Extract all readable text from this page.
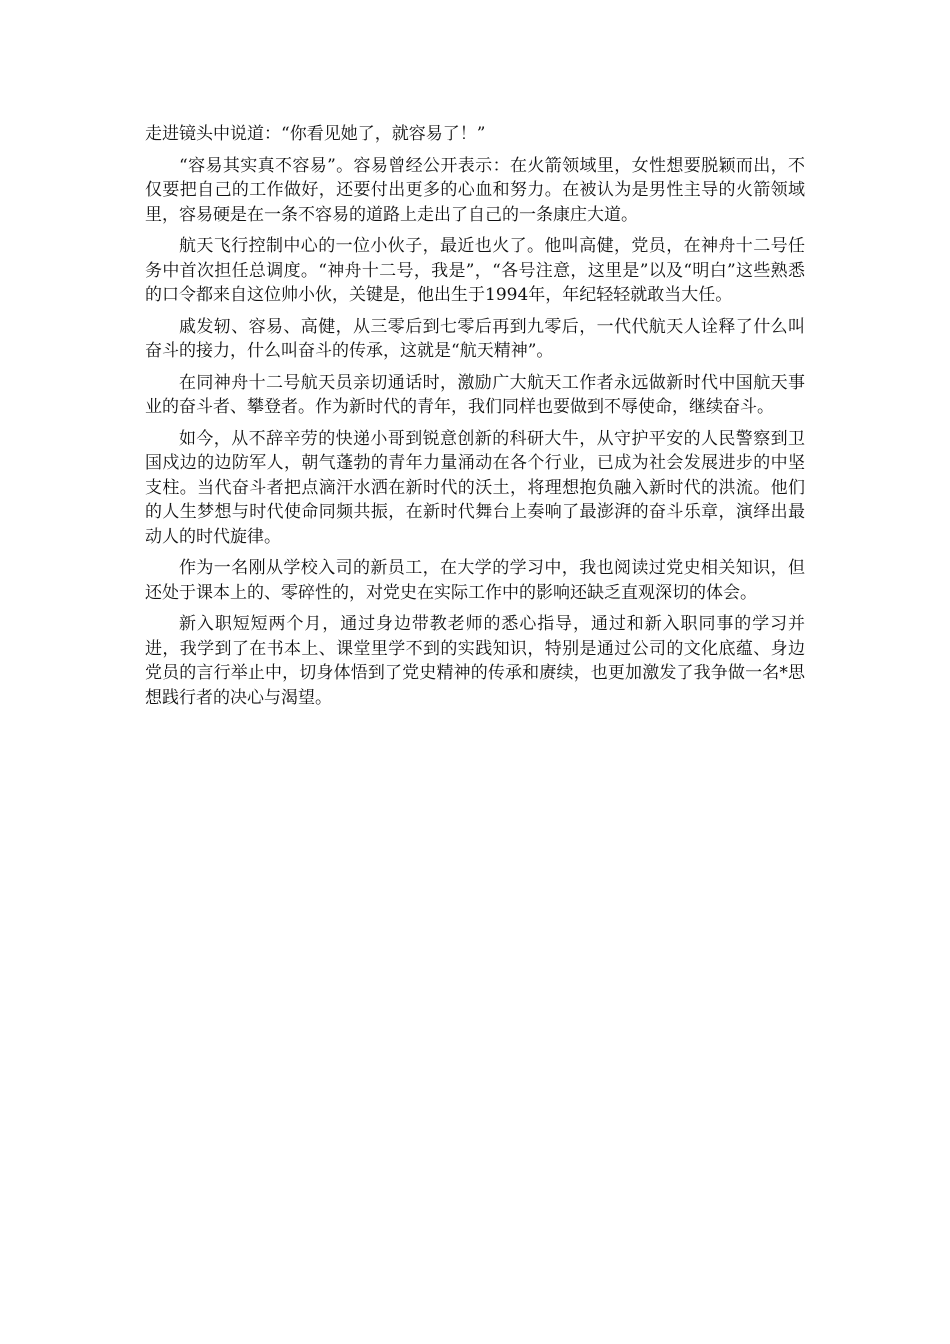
走进镜头中说道：“你看见她了，就容易了！”

“容易其实真不容易”。容易曾经公开表示：在火箭领域里，女性想要脱颖而出，不仅要把自己的工作做好，还要付出更多的心血和努力。在被认为是男性主导的火箭领域里，容易硬是在一条不容易的道路上走出了自己的一条康庄大道。

航天飞行控制中心的一位小伙子，最近也火了。他叫高健，党员，在神舟十二号任务中首次担任总调度。“神舟十二号，我是”，“各号注意，这里是”以及“明白”这些熟悉的口令都来自这位帅小伙，关键是，他出生于1994年，年纪轻轻就敢当大任。

戚发轫、容易、高健，从三零后到七零后再到九零后，一代代航天人诠释了什么叫奋斗的接力，什么叫奋斗的传承，这就是“航天精神”。

在同神舟十二号航天员亲切通话时，激励广大航天工作者永远做新时代中国航天事业的奋斗者、攀登者。作为新时代的青年，我们同样也要做到不辱使命，继续奋斗。

如今，从不辞辛劳的快递小哥到锐意创新的科研大牛，从守护平安的人民警察到卫国戍边的边防军人，朝气蓬勃的青年力量涌动在各个行业，已成为社会发展进步的中坚支柱。当代奋斗者把点滴汗水洒在新时代的沃土，将理想抱负融入新时代的洪流。他们的人生梦想与时代使命同频共振，在新时代舞台上奏响了最澎湃的奋斗乐章，演绎出最动人的时代旋律。

作为一名刚从学校入司的新员工，在大学的学习中，我也阅读过党史相关知识，但还处于课本上的、零碎性的，对党史在实际工作中的影响还缺乏直观深切的体会。

新入职短短两个月，通过身边带教老师的悉心指导，通过和新入职同事的学习并进，我学到了在书本上、课堂里学不到的实践知识，特别是通过公司的文化底蕴、身边党员的言行举止中，切身体悟到了党史精神的传承和赓续，也更加激发了我争做一名*思想践行者的决心与渴望。
